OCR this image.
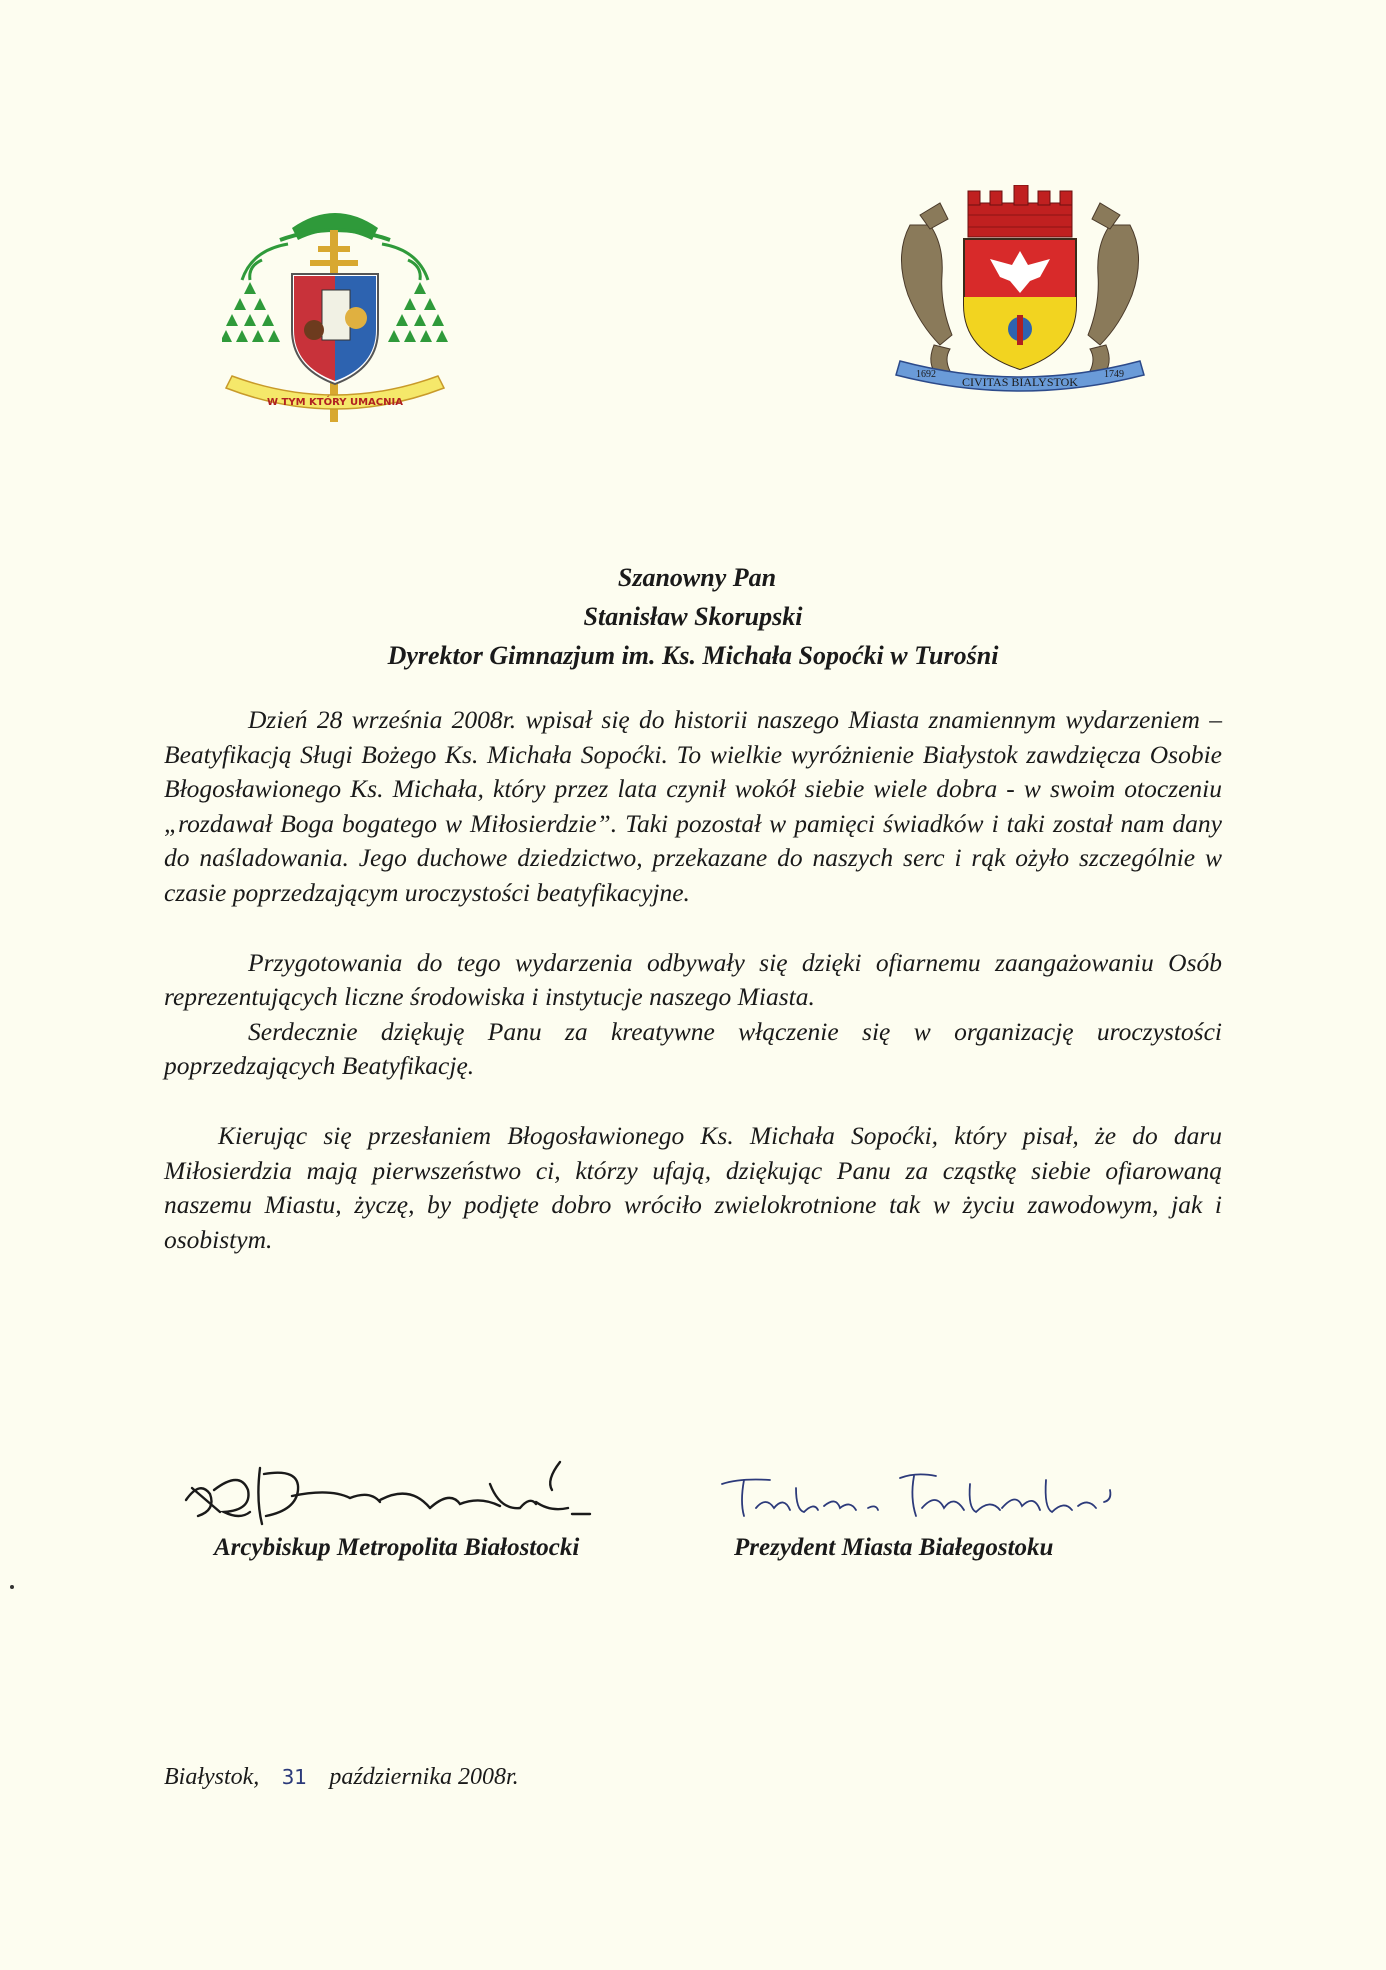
W TYM KTÓRY UMACNIA
CIVITAS BIALYSTOK
1692	1749
Szanowny Pan
Stanisław Skorupski
Dyrektor Gimnazjum im. Ks. Michała Sopoćki w Turośni

Dzień 28 września 2008r. wpisał się do historii naszego Miasta znamiennym wydarzeniem – Beatyfikacją Sługi Bożego Ks. Michała Sopoćki. To wielkie wyróżnienie Białystok zawdzięcza Osobie Błogosławionego Ks. Michała, który przez lata czynił wokół siebie wiele dobra - w swoim otoczeniu „rozdawał Boga bogatego w Miłosierdzie”. Taki pozostał w pamięci świadków i taki został nam dany do naśladowania. Jego duchowe dziedzictwo, przekazane do naszych serc i rąk ożyło szczególnie w czasie poprzedzającym uroczystości beatyfikacyjne.

Przygotowania do tego wydarzenia odbywały się dzięki ofiarnemu zaangażowaniu Osób reprezentujących liczne środowiska i instytucje naszego Miasta.

Serdecznie dziękuję Panu za kreatywne włączenie się w organizację uroczystości poprzedzających Beatyfikację.

Kierując się przesłaniem Błogosławionego Ks. Michała Sopoćki, który pisał, że do daru Miłosierdzia mają pierwszeństwo ci, którzy ufają, dziękując Panu za cząstkę siebie ofiarowaną naszemu Miastu, życzę, by podjęte dobro wróciło zwielokrotnione tak w życiu zawodowym, jak i osobistym.

Arcybiskup Metropolita Białostocki	Prezydent Miasta Białegostoku
Białystok, 31 października 2008r.
